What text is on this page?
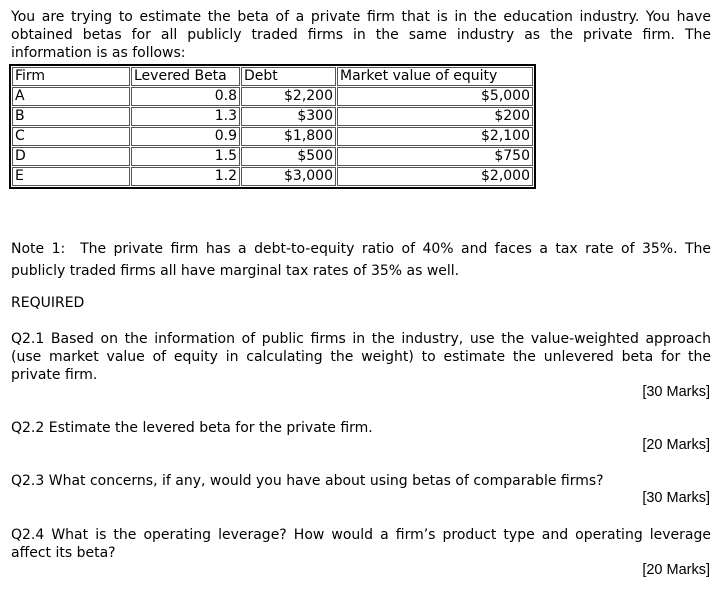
You are trying to estimate the beta of a private firm that is in the education industry. You have obtained betas for all publicly traded firms in the same industry as the private firm. The information is as follows:

Firm	Levered Beta	Debt	Market value of equity
A	0.8	$2,200	$5,000
B	1.3	$300	$200
C	0.9	$1,800	$2,100
D	1.5	$500	$750
E	1.2	$3,000	$2,000

Note 1:  The private firm has a debt-to-equity ratio of 40% and faces a tax rate of 35%. The publicly traded firms all have marginal tax rates of 35% as well.

REQUIRED

Q2.1 Based on the information of public firms in the industry, use the value-weighted approach (use market value of equity in calculating the weight) to estimate the unlevered beta for the private firm.

[30 Marks]

Q2.2 Estimate the levered beta for the private firm.

[20 Marks]

Q2.3 What concerns, if any, would you have about using betas of comparable firms?

[30 Marks]

Q2.4 What is the operating leverage? How would a firm’s product type and operating leverage affect its beta?

[20 Marks]
